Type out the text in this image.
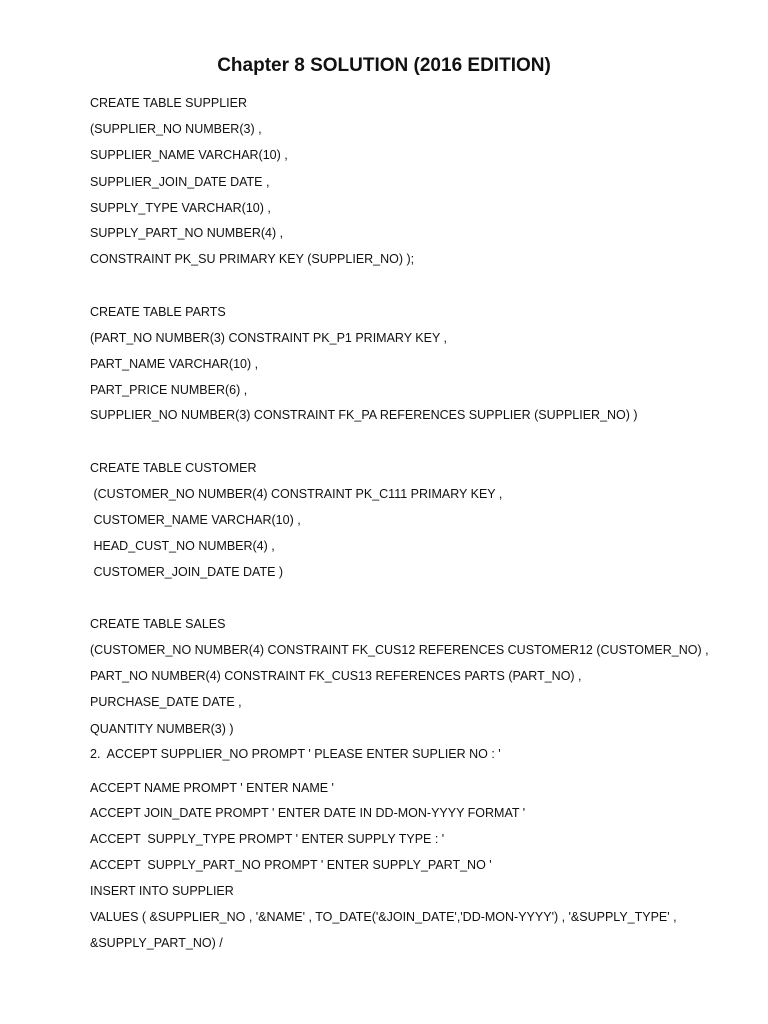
Chapter 8 SOLUTION (2016 EDITION)
CREATE TABLE SUPPLIER
(SUPPLIER_NO NUMBER(3) ,
SUPPLIER_NAME VARCHAR(10) ,
SUPPLIER_JOIN_DATE DATE ,
SUPPLY_TYPE VARCHAR(10) ,
SUPPLY_PART_NO NUMBER(4) ,
CONSTRAINT PK_SU PRIMARY KEY (SUPPLIER_NO) );
CREATE TABLE PARTS
(PART_NO NUMBER(3) CONSTRAINT PK_P1 PRIMARY KEY ,
PART_NAME VARCHAR(10) ,
PART_PRICE NUMBER(6) ,
SUPPLIER_NO NUMBER(3) CONSTRAINT FK_PA REFERENCES SUPPLIER (SUPPLIER_NO) )
CREATE TABLE CUSTOMER
(CUSTOMER_NO NUMBER(4) CONSTRAINT PK_C111 PRIMARY KEY ,
CUSTOMER_NAME VARCHAR(10) ,
HEAD_CUST_NO NUMBER(4) ,
CUSTOMER_JOIN_DATE DATE )
CREATE TABLE SALES
(CUSTOMER_NO NUMBER(4) CONSTRAINT FK_CUS12 REFERENCES CUSTOMER12 (CUSTOMER_NO) ,
PART_NO NUMBER(4) CONSTRAINT FK_CUS13 REFERENCES PARTS (PART_NO) ,
PURCHASE_DATE DATE ,
QUANTITY NUMBER(3) )
2.  ACCEPT SUPPLIER_NO PROMPT ' PLEASE ENTER SUPLIER NO : '
ACCEPT NAME PROMPT ' ENTER NAME '
ACCEPT JOIN_DATE PROMPT ' ENTER DATE IN DD-MON-YYYY FORMAT '
ACCEPT  SUPPLY_TYPE PROMPT ' ENTER SUPPLY TYPE : '
ACCEPT  SUPPLY_PART_NO PROMPT ' ENTER SUPPLY_PART_NO '
INSERT INTO SUPPLIER
VALUES ( &SUPPLIER_NO , '&NAME' , TO_DATE('&JOIN_DATE','DD-MON-YYYY') , '&SUPPLY_TYPE' ,
&SUPPLY_PART_NO) /
